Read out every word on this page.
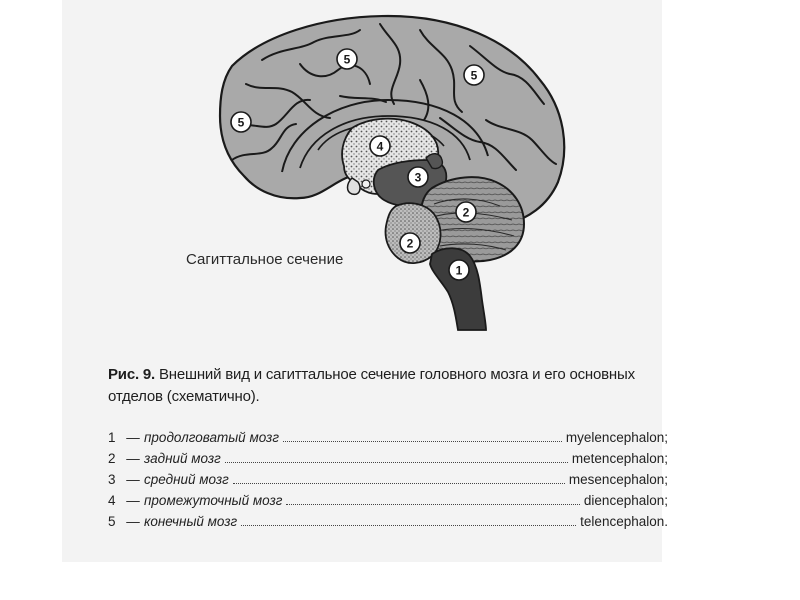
5
5
5
4
3
2
2
1
Сагиттальное сечение
Рис. 9. Внешний вид и сагиттальное сечение головного мозга и его основных отделов (схематично).
1 — продолговатый мозг	myelencephalon;
2 — задний мозг	metencephalon;
3 — средний мозг	mesencephalon;
4 — промежуточный мозг	diencephalon;
5 — конечный мозг	telencephalon.
